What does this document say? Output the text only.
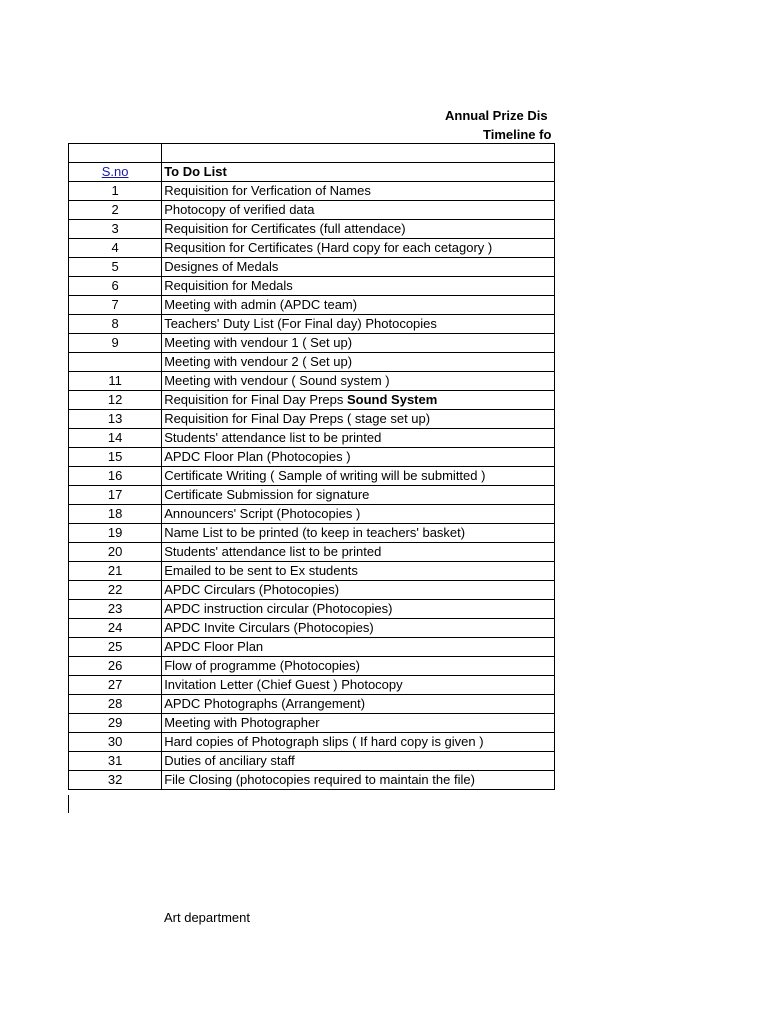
Annual Prize Dis
Timeline fo

S.no	To Do List
1	Requisition for Verfication of Names
2	Photocopy of verified data
3	Requisition for Certificates (full attendace)
4	Requsition for Certificates (Hard copy for each cetagory )
5	Designes of Medals
6	Requisition for Medals
7	Meeting with admin (APDC team)
8	Teachers' Duty List (For Final day) Photocopies
9	Meeting with vendour 1 ( Set up)
	Meeting with vendour 2 ( Set up)
11	Meeting with vendour ( Sound system )
12	Requisition for Final Day Preps Sound System
13	Requisition for Final Day Preps ( stage set up)
14	Students' attendance list to be printed
15	APDC Floor Plan (Photocopies )
16	Certificate Writing ( Sample of writing will be submitted )
17	Certificate Submission for signature
18	Announcers' Script (Photocopies )
19	Name List to be printed (to keep in teachers' basket)
20	Students' attendance list to be printed
21	Emailed to be sent to Ex students
22	APDC Circulars (Photocopies)
23	APDC instruction circular (Photocopies)
24	APDC Invite Circulars (Photocopies)
25	APDC Floor Plan
26	Flow of programme (Photocopies)
27	Invitation Letter (Chief Guest ) Photocopy
28	APDC Photographs (Arrangement)
29	Meeting with Photographer
30	Hard copies of Photograph slips ( If hard copy is given )
31	Duties of anciliary staff
32	File Closing (photocopies required to maintain the file)
Art department
